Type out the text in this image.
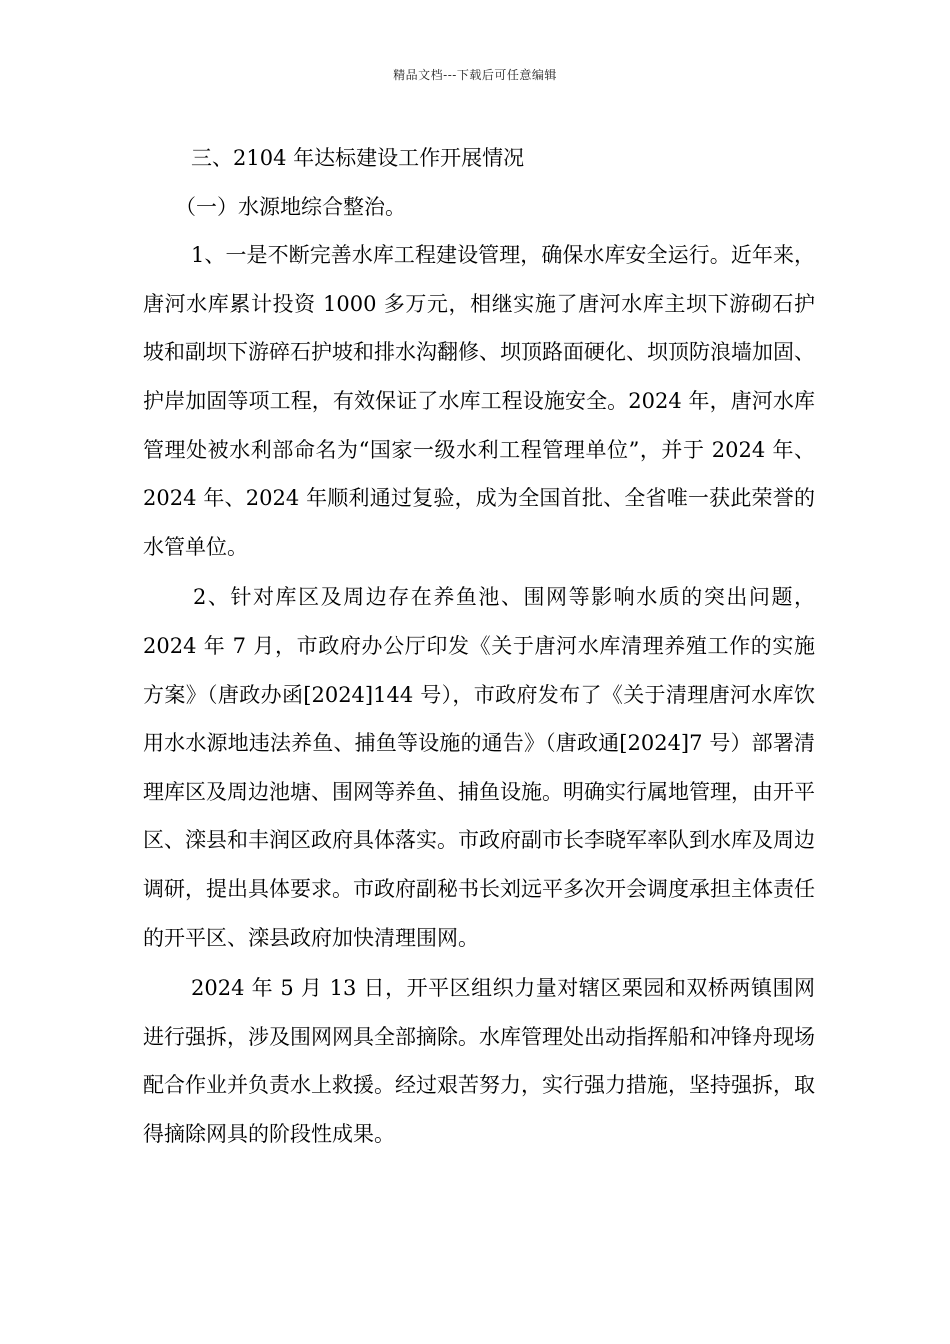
精品文档---下载后可任意编辑

三、2104 年达标建设工作开展情况

（一）水源地综合整治。

1、一是不断完善水库工程建设管理，确保水库安全运行。近年来，唐河水库累计投资 1000 多万元，相继实施了唐河水库主坝下游砌石护坡和副坝下游碎石护坡和排水沟翻修、坝顶路面硬化、坝顶防浪墙加固、护岸加固等项工程，有效保证了水库工程设施安全。2024 年，唐河水库管理处被水利部命名为“国家一级水利工程管理单位”，并于 2024 年、2024 年、2024 年顺利通过复验，成为全国首批、全省唯一获此荣誉的水管单位。

2、针对库区及周边存在养鱼池、围网等影响水质的突出问题，2024 年 7 月，市政府办公厅印发《关于唐河水库清理养殖工作的实施方案》（唐政办函[2024]144 号），市政府发布了《关于清理唐河水库饮用水水源地违法养鱼、捕鱼等设施的通告》（唐政通[2024]7 号）部署清理库区及周边池塘、围网等养鱼、捕鱼设施。明确实行属地管理，由开平区、滦县和丰润区政府具体落实。市政府副市长李晓军率队到水库及周边调研，提出具体要求。市政府副秘书长刘远平多次开会调度承担主体责任的开平区、滦县政府加快清理围网。

2024 年 5 月 13 日，开平区组织力量对辖区栗园和双桥两镇围网进行强拆，涉及围网网具全部摘除。水库管理处出动指挥船和冲锋舟现场配合作业并负责水上救援。经过艰苦努力，实行强力措施，坚持强拆，取得摘除网具的阶段性成果。
